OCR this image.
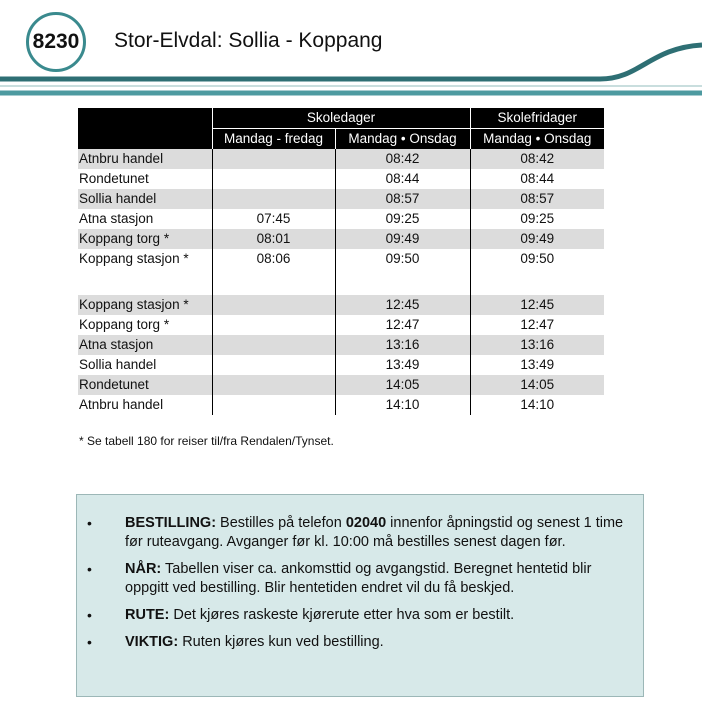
8230 Stor-Elvdal: Sollia - Koppang
	Skoledager		Skolefridager
	Mandag - fredag	Mandag • Onsdag	Mandag • Onsdag
Atnbru handel		08:42	08:42
Rondetunet		08:44	08:44
Sollia handel		08:57	08:57
Atna stasjon	07:45	09:25	09:25
Koppang torg *	08:01	09:49	09:49
Koppang stasjon *	08:06	09:50	09:50

Koppang stasjon *		12:45	12:45
Koppang torg *		12:47	12:47
Atna stasjon		13:16	13:16
Sollia handel		13:49	13:49
Rondetunet		14:05	14:05
Atnbru handel		14:10	14:10
* Se tabell 180 for reiser til/fra Rendalen/Tynset.
• BESTILLING: Bestilles på telefon 02040 innenfor åpningstid og senest 1 time før ruteavgang. Avganger før kl. 10:00 må bestilles senest dagen før.
• NÅR: Tabellen viser ca. ankomsttid og avgangstid. Beregnet hentetid blir oppgitt ved bestilling. Blir hentetiden endret vil du få beskjed.
• RUTE: Det kjøres raskeste kjørerute etter hva som er bestilt.
• VIKTIG: Ruten kjøres kun ved bestilling.
